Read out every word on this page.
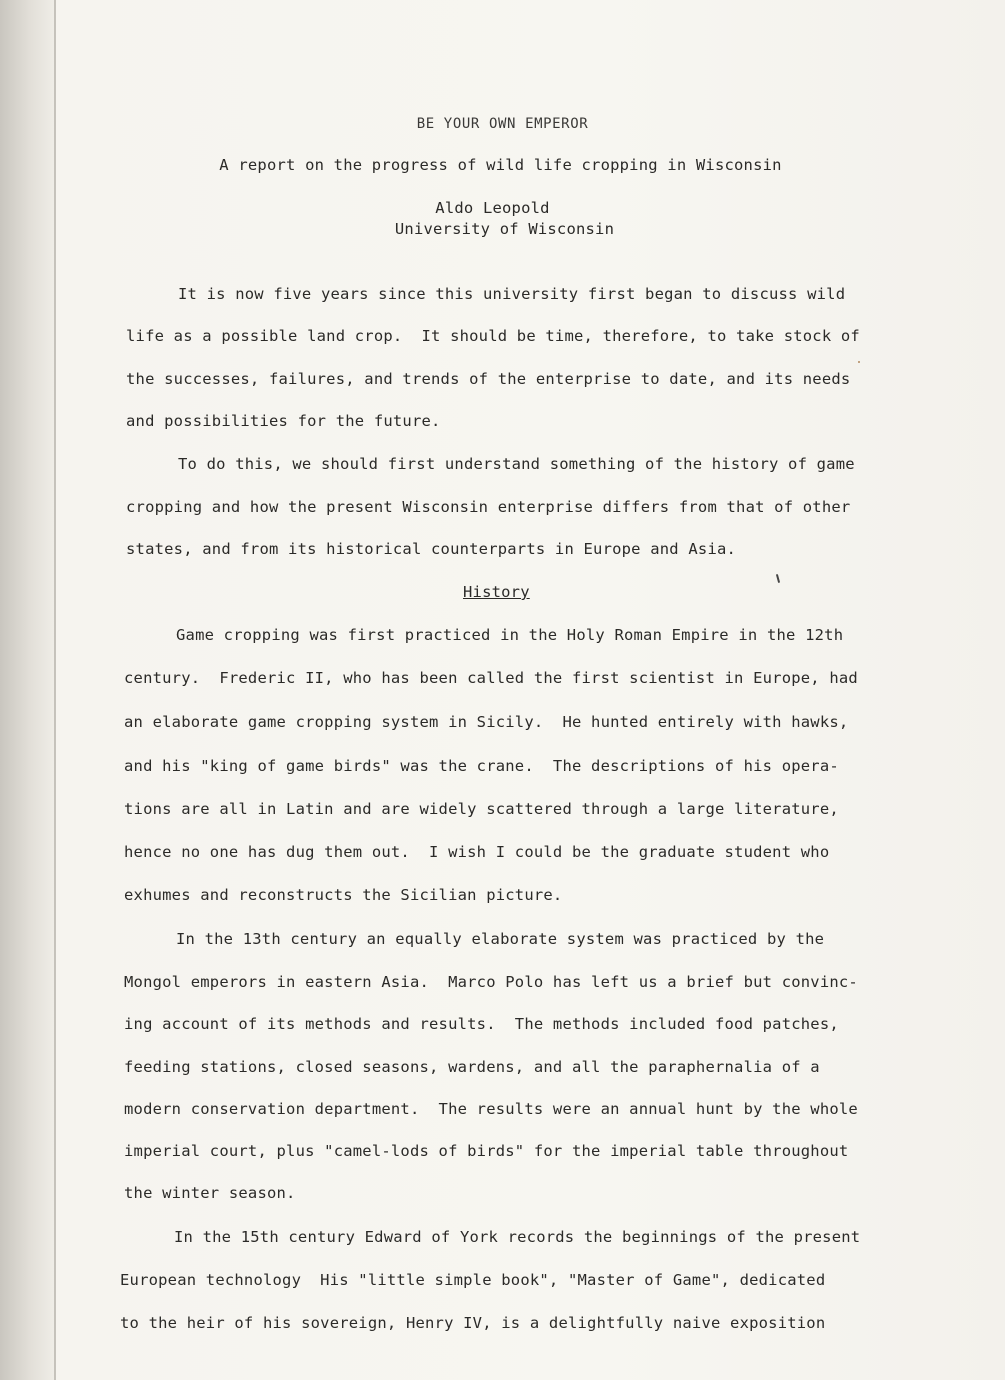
BE YOUR OWN EMPEROR
A report on the progress of wild life cropping in Wisconsin
Aldo Leopold
University of Wisconsin
It is now five years since this university first began to discuss wild
life as a possible land crop.  It should be time, therefore, to take stock of
the successes, failures, and trends of the enterprise to date, and its needs
and possibilities for the future.
To do this, we should first understand something of the history of game
cropping and how the present Wisconsin enterprise differs from that of other
states, and from its historical counterparts in Europe and Asia.
History
Game cropping was first practiced in the Holy Roman Empire in the 12th
century.  Frederic II, who has been called the first scientist in Europe, had
an elaborate game cropping system in Sicily.  He hunted entirely with hawks,
and his "king of game birds" was the crane.  The descriptions of his opera-
tions are all in Latin and are widely scattered through a large literature,
hence no one has dug them out.  I wish I could be the graduate student who
exhumes and reconstructs the Sicilian picture.
In the 13th century an equally elaborate system was practiced by the
Mongol emperors in eastern Asia.  Marco Polo has left us a brief but convinc-
ing account of its methods and results.  The methods included food patches,
feeding stations, closed seasons, wardens, and all the paraphernalia of a
modern conservation department.  The results were an annual hunt by the whole
imperial court, plus "camel-lods of birds" for the imperial table throughout
the winter season.
In the 15th century Edward of York records the beginnings of the present
European technology  His "little simple book", "Master of Game", dedicated
to the heir of his sovereign, Henry IV, is a delightfully naive exposition
